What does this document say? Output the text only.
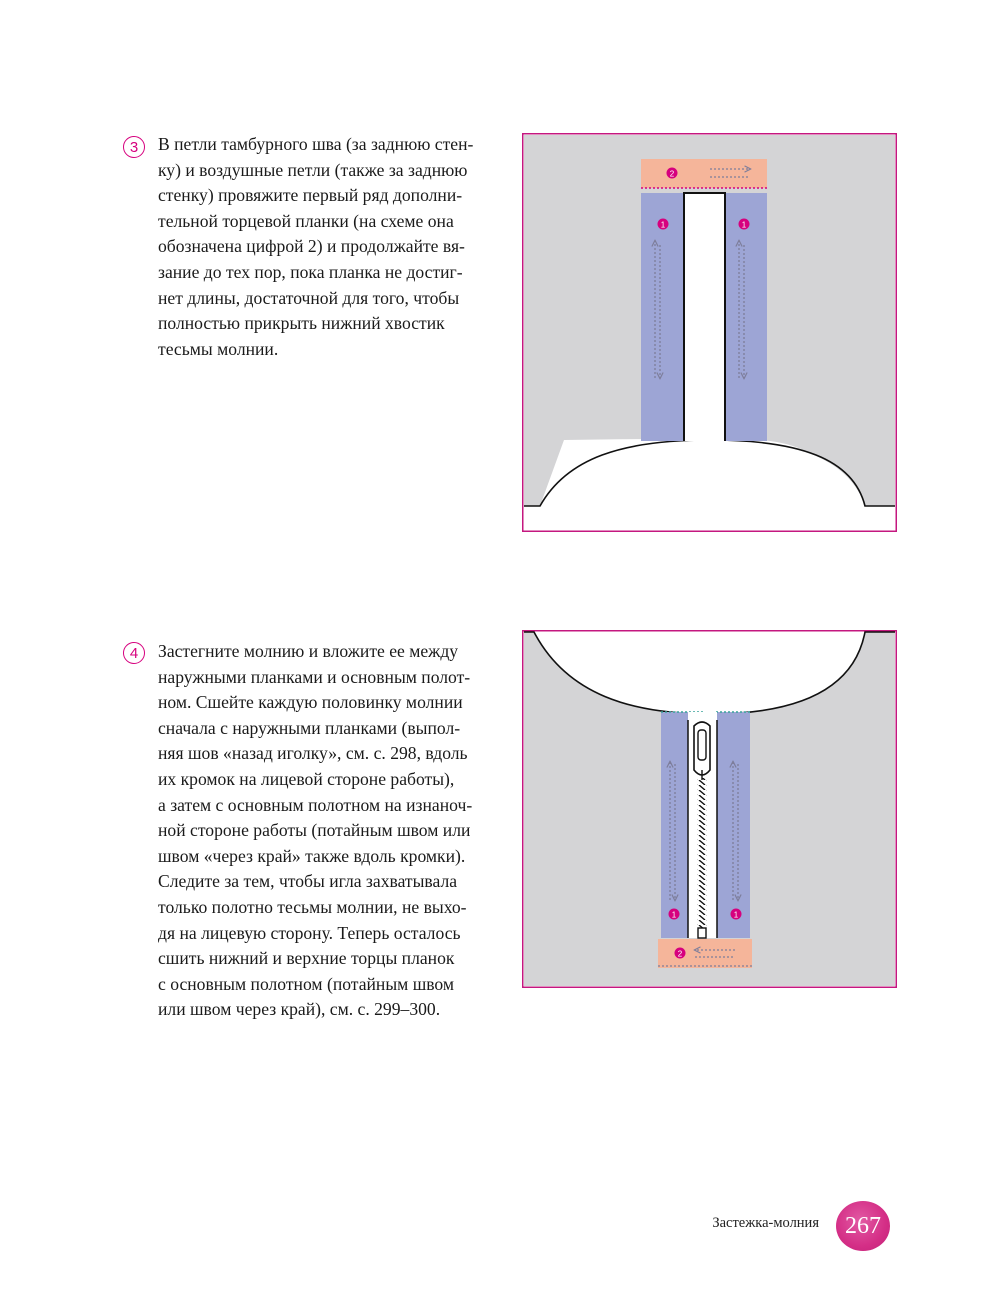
3	В петли тамбурного шва (за заднюю стен-
ку) и воздушные петли (также за заднюю
стенку) провяжите первый ряд дополни-
тельной торцевой планки (на схеме она
обозначена цифрой 2) и продолжайте вя-
зание до тех пор, пока планка не достиг-
нет длины, достаточной для того, чтобы
полностью прикрыть нижний хвостик
тесьмы молнии.
2
1	1
4	Застегните молнию и вложите ее между
наружными планками и основным полот-
ном. Сшейте каждую половинку молнии
сначала с наружными планками (выпол-
няя шов «назад иголку», см. с. 298, вдоль
их кромок на лицевой стороне работы),
а затем с основным полотном на изнаноч-
ной стороне работы (потайным швом или
швом «через край» также вдоль кромки).
Следите за тем, чтобы игла захватывала
только полотно тесьмы молнии, не выхо-
дя на лицевую сторону. Теперь осталось
сшить нижний и верхние торцы планок
с основным полотном (потайным швом
или швом через край), см. с. 299–300.
2
1	1
Застежка-молния	267
